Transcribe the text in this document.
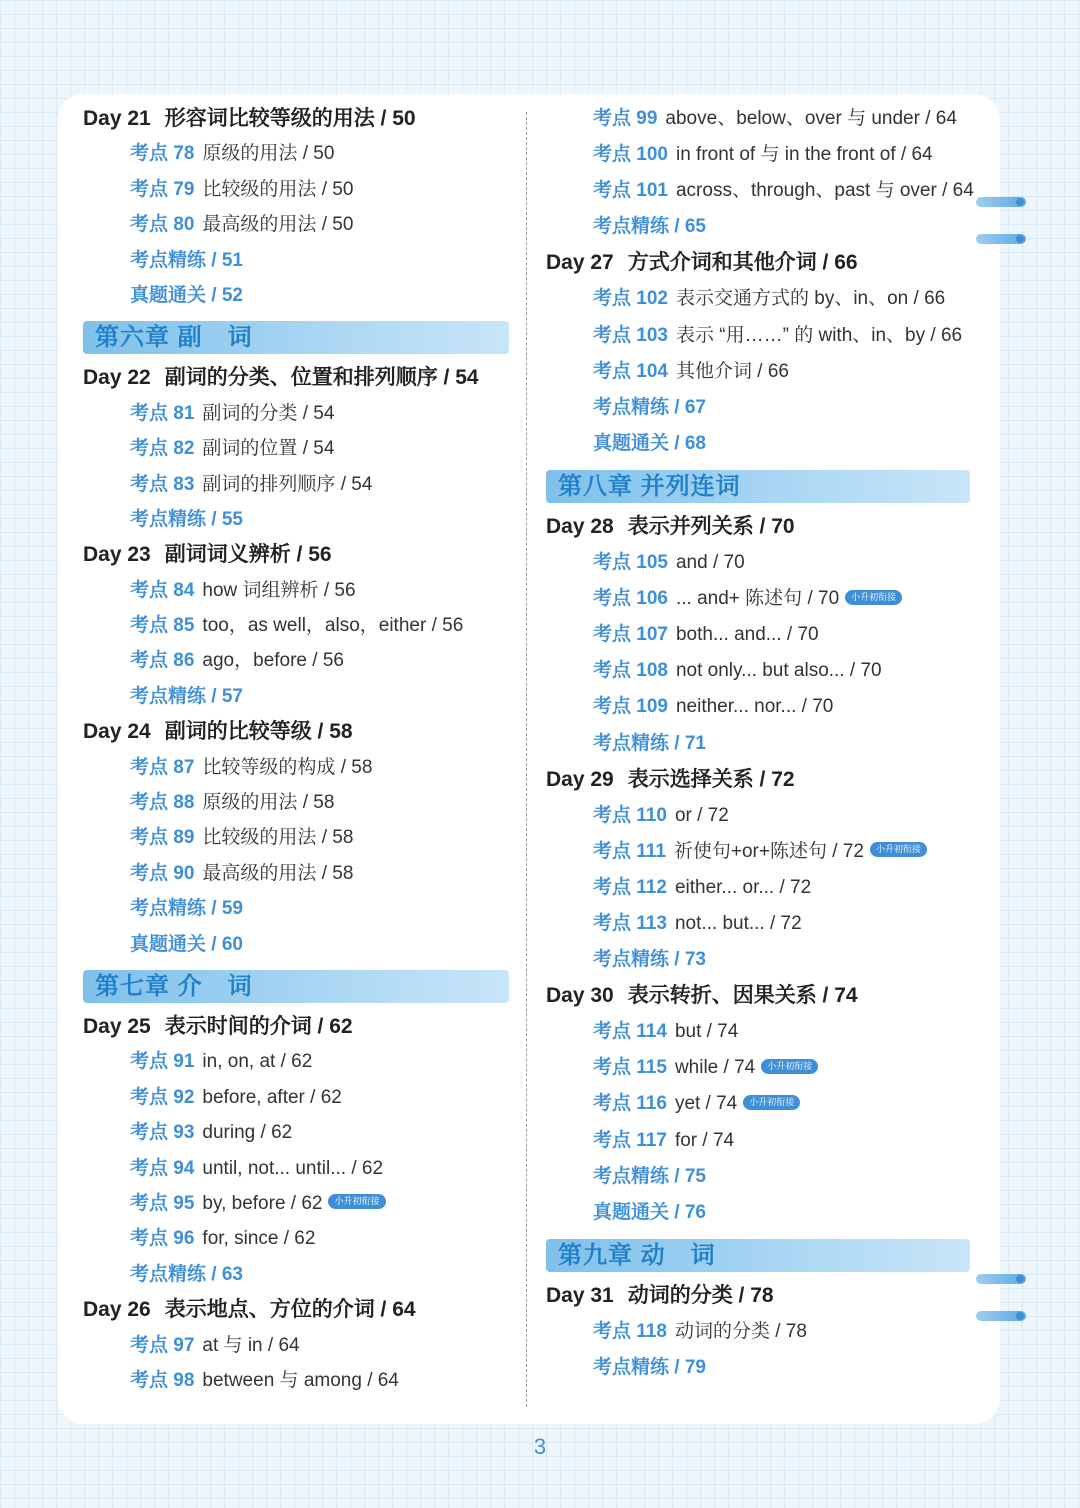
Day 21 形容词比较等级的用法 / 50
考点 78 原级的用法 / 50
考点 79 比较级的用法 / 50
考点 80 最高级的用法 / 50
考点精练 / 51
真题通关 / 52
第六章 副　词
Day 22 副词的分类、位置和排列顺序 / 54
考点 81 副词的分类 / 54
考点 82 副词的位置 / 54
考点 83 副词的排列顺序 / 54
考点精练 / 55
Day 23 副词词义辨析 / 56
考点 84 how 词组辨析 / 56
考点 85 too，as well，also，either / 56
考点 86 ago，before / 56
考点精练 / 57
Day 24 副词的比较等级 / 58
考点 87 比较等级的构成 / 58
考点 88 原级的用法 / 58
考点 89 比较级的用法 / 58
考点 90 最高级的用法 / 58
考点精练 / 59
真题通关 / 60
第七章 介　词
Day 25 表示时间的介词 / 62
考点 91 in, on, at / 62
考点 92 before, after / 62
考点 93 during / 62
考点 94 until, not... until... / 62
考点 95 by, before / 62 小升初衔接
考点 96 for, since / 62
考点精练 / 63
Day 26 表示地点、方位的介词 / 64
考点 97 at 与 in / 64
考点 98 between 与 among / 64
考点 99 above、below、over 与 under / 64
考点 100 in front of 与 in the front of / 64
考点 101 across、through、past 与 over / 64
考点精练 / 65
Day 27 方式介词和其他介词 / 66
考点 102 表示交通方式的 by、in、on / 66
考点 103 表示 “用……” 的 with、in、by / 66
考点 104 其他介词 / 66
考点精练 / 67
真题通关 / 68
第八章 并列连词
Day 28 表示并列关系 / 70
考点 105 and / 70
考点 106 ... and+ 陈述句 / 70 小升初衔接
考点 107 both... and... / 70
考点 108 not only... but also... / 70
考点 109 neither... nor... / 70
考点精练 / 71
Day 29 表示选择关系 / 72
考点 110 or / 72
考点 111 祈使句+or+陈述句 / 72 小升初衔接
考点 112 either... or... / 72
考点 113 not... but... / 72
考点精练 / 73
Day 30 表示转折、因果关系 / 74
考点 114 but / 74
考点 115 while / 74 小升初衔接
考点 116 yet / 74 小升初衔接
考点 117 for / 74
考点精练 / 75
真题通关 / 76
第九章 动　词
Day 31 动词的分类 / 78
考点 118 动词的分类 / 78
考点精练 / 79
3
